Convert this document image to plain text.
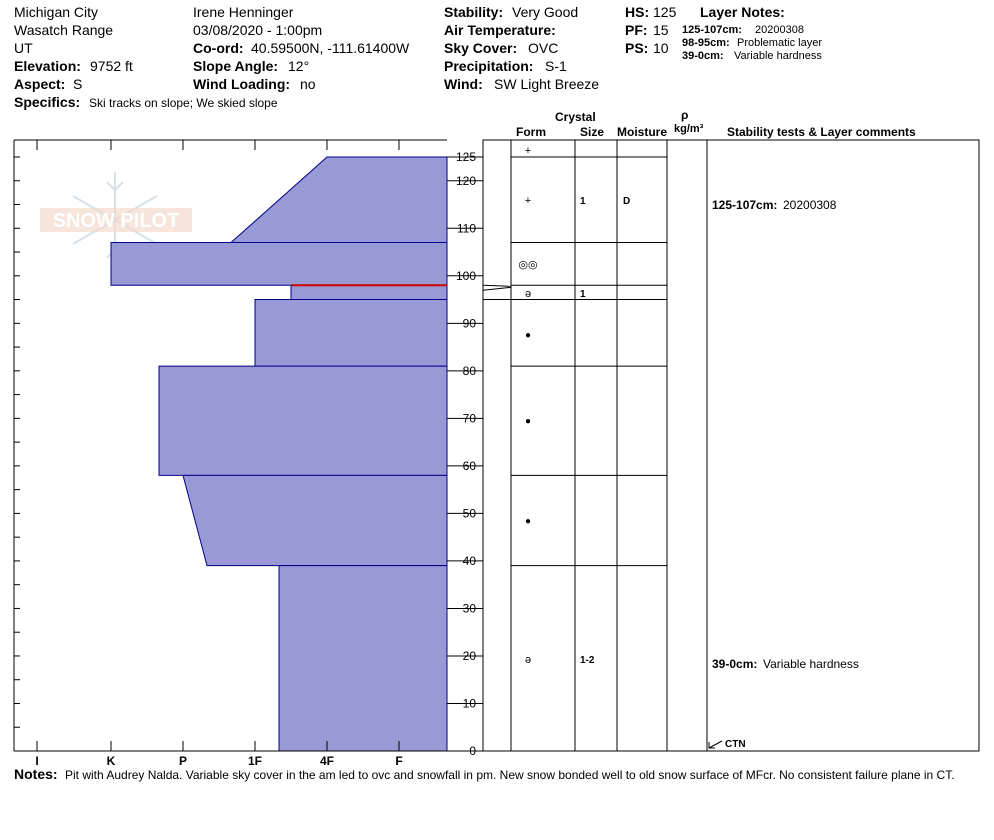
Michigan City
Wasatch Range
UT
Elevation: 9752 ft
Aspect: S
Specifics: Ski tracks on slope; We skied slope
Irene Henninger
03/08/2020 - 1:00pm
Co-ord: 40.59500N, -111.61400W
Slope Angle: 12°
Wind Loading: no
Stability: Very Good
Air Temperature:
Sky Cover: OVC
Precipitation: S-1
Wind: SW Light Breeze
HS: 125
PF: 15
PS: 10
Layer Notes:
125-107cm: 20200308
98-95cm: Problematic layer
39-0cm: Variable hardness
Crystal
Form	Size Moisture
ρ
kg/m³ Stability tests & Layer comments
SNOW PILOT
0
10
20
30
40
50
60
70
80
90
100
110
120
125
I	K	P	1F	4F	F
+
+	1	D
◎◎
ə	1
●
●
●
ə	1-2
CTN
125-107cm: 20200308
39-0cm: Variable hardness
Notes: Pit with Audrey Nalda. Variable sky cover in the am led to ovc and snowfall in pm. New snow bonded well to old snow surface of MFcr. No consistent failure plane in CT.
